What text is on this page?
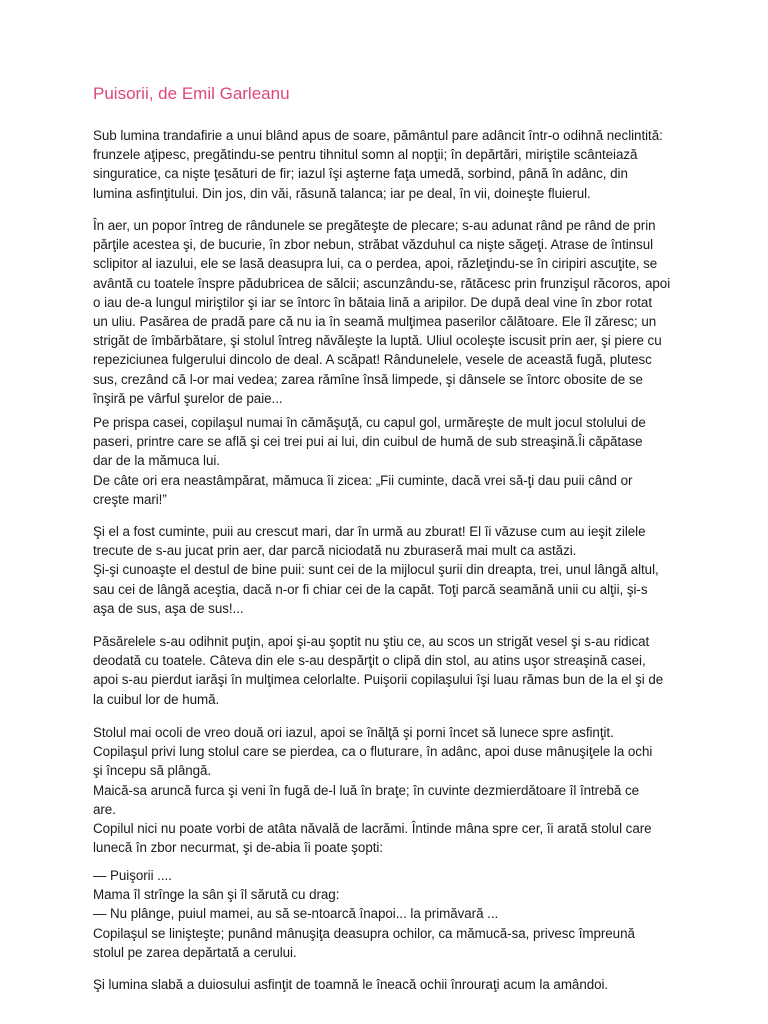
Puisorii, de Emil Garleanu
Sub lumina trandafirie a unui blând apus de soare, pământul pare adâncit într-o odihnă neclintită:
frunzele aţipesc, pregătindu-se pentru tihnitul somn al nopţii; în depărtări, miriştile scânteiază
singuratice, ca nişte ţesături de fir; iazul îşi aşterne faţa umedă, sorbind, până în adânc, din
lumina asfinţitului. Din jos, din văi, răsună talanca; iar pe deal, în vii, doineşte fluierul.
În aer, un popor întreg de rândunele se pregăteşte de plecare; s-au adunat rând pe rând de prin
părţile acestea şi, de bucurie, în zbor nebun, străbat văzduhul ca nişte săgeţi. Atrase de întinsul
sclipitor al iazului, ele se lasă deasupra lui, ca o perdea, apoi, răzleţindu-se în ciripiri ascuţite, se
avântă cu toatele înspre pădubricea de sălcii; ascunzându-se, rătăcesc prin frunzişul răcoros, apoi
o iau de-a lungul miriştilor şi iar se întorc în bătaia lină a aripilor. De după deal vine în zbor rotat
un uliu. Pasărea de pradă pare că nu ia în seamă mulţimea paserilor călătoare. Ele îl zăresc; un
strigăt de îmbărbătare, şi stolul întreg năvăleşte la luptă. Uliul ocoleşte iscusit prin aer, şi piere cu
repeziciunea fulgerului dincolo de deal. A scăpat! Rândunelele, vesele de această fugă, plutesc
sus, crezând că l-or mai vedea; zarea rămîne însă limpede, şi dânsele se întorc obosite de se
înşiră pe vârful şurelor de paie...
Pe prispa casei, copilaşul numai în cămăşuţă, cu capul gol, urmăreşte de mult jocul stolului de
paseri, printre care se află şi cei trei pui ai lui, din cuibul de humă de sub streaşină.Îi căpătase
dar de la mămuca lui.
De câte ori era neastâmpărat, mămuca îi zicea: „Fii cuminte, dacă vrei să-ţi dau puii când or
creşte mari!”
Şi el a fost cuminte, puii au crescut mari, dar în urmă au zburat! El îi văzuse cum au ieşit zilele
trecute de s-au jucat prin aer, dar parcă niciodată nu zburaseră mai mult ca astăzi.
Şi-şi cunoaşte el destul de bine puii: sunt cei de la mijlocul şurii din dreapta, trei, unul lângă altul,
sau cei de lângă aceştia, dacă n-or fi chiar cei de la capăt. Toţi parcă seamănă unii cu alţii, şi-s
aşa de sus, aşa de sus!...
Păsărelele s-au odihnit puţin, apoi şi-au şoptit nu ştiu ce, au scos un strigăt vesel şi s-au ridicat
deodată cu toatele. Câteva din ele s-au despărţit o clipă din stol, au atins uşor streaşină casei,
apoi s-au pierdut iarăşi în mulţimea celorlalte. Puişorii copilaşului îşi luau rămas bun de la el şi de
la cuibul lor de humă.
Stolul mai ocoli de vreo două ori iazul, apoi se înălţă şi porni încet să lunece spre asfinţit.
Copilaşul privi lung stolul care se pierdea, ca o fluturare, în adânc, apoi duse mânuşiţele la ochi
şi începu să plângă.
Maică-sa aruncă furca şi veni în fugă de-l luă în braţe; în cuvinte dezmierdătoare îl întrebă ce
are.
Copilul nici nu poate vorbi de atâta năvală de lacrămi. Întinde mâna spre cer, îi arată stolul care
lunecă în zbor necurmat, şi de-abia îi poate şopti:
— Puişorii ....
Mama îl strînge la sân şi îl sărută cu drag:
— Nu plânge, puiul mamei, au să se-ntoarcă înapoi... la primăvară ...
Copilaşul se linişteşte; punând mânuşiţa deasupra ochilor, ca mămucă-sa, privesc împreună
stolul pe zarea depărtată a cerului.
Şi lumina slabă a duiosului asfinţit de toamnă le îneacă ochii înrouraţi acum la amândoi.
